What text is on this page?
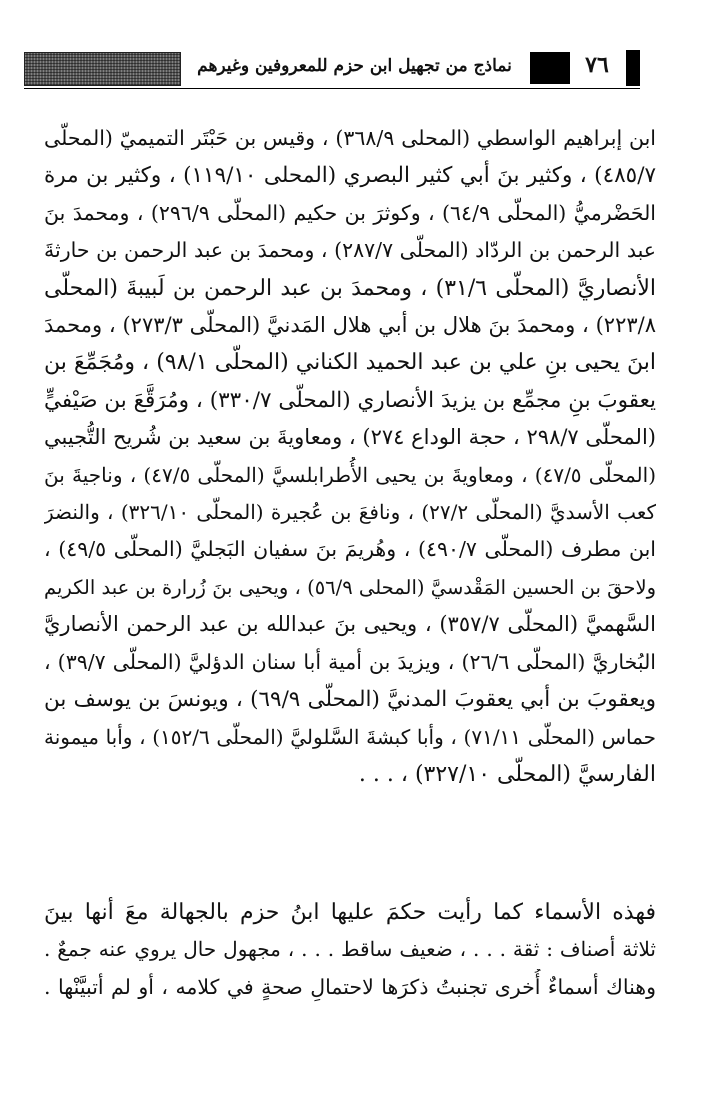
نماذج من تجهيل ابن حزم للمعروفين وغيرهم	٧٦
ابن إبراهيم الواسطي (المحلى ٣٦٨/٩) ، وقيس بن حَبْتَر التميميّ (المحلّى
٤٨٥/٧) ، وكثير بنَ أبي كثير البصري (المحلى ١١٩/١٠) ، وكثير بن مرة
الحَضْرميُّ (المحلّى ٦٤/٩) ، وكوثرَ بن حكيم (المحلّى ٢٩٦/٩) ، ومحمدَ بنَ
عبد الرحمن بن الردّاد (المحلّى ٢٨٧/٧) ، ومحمدَ بن عبد الرحمن بن حارثةَ
الأنصاريَّ (المحلّى ٣١/٦) ، ومحمدَ بن عبد الرحمن بن لَبيبةَ (المحلّى
٢٢٣/٨) ، ومحمدَ بنَ هلال بن أبي هلال المَدنيَّ (المحلّى ٢٧٣/٣) ، ومحمدَ
ابنَ يحيى بنِ علي بن عبد الحميد الكناني (المحلّى ٩٨/١) ، ومُجَمِّعَ بن
يعقوبَ بنِ مجمِّع بن يزيدَ الأنصاري (المحلّى ٣٣٠/٧) ، ومُرَقَّعَ بن صَيْفيٍّ
(المحلّى ٢٩٨/٧ ، حجة الوداع ٢٧٤) ، ومعاويةَ بن سعيد بن شُريح التُّجيبي
(المحلّى ٤٧/٥) ، ومعاويةَ بن يحيى الأُطرابلسيَّ (المحلّى ٤٧/٥) ، وناجيةَ بنَ
كعب الأسديَّ (المحلّى ٢٧/٢) ، ونافعَ بن عُجيرة (المحلّى ٣٢٦/١٠) ، والنضرَ
ابن مطرف (المحلّى ٤٩٠/٧) ، وهُريمَ بنَ سفيان البَجليَّ (المحلّى ٤٩/٥) ،
ولاحقَ بن الحسين المَقْدسيَّ (المحلى ٥٦/٩) ، ويحيى بنَ زُرارة بن عبد الكريم
السَّهميَّ (المحلّى ٣٥٧/٧) ، ويحيى بنَ عبدالله بن عبد الرحمن الأنصاريَّ
البُخاريَّ (المحلّى ٢٦/٦) ، ويزيدَ بن أمية أبا سنان الدؤليَّ (المحلّى ٣٩/٧) ،
ويعقوبَ بن أبي يعقوبَ المدنيَّ (المحلّى ٦٩/٩) ، ويونسَ بن يوسف بن
حماس (المحلّى ٧١/١١) ، وأبا كبشةَ السَّلوليَّ (المحلّى ١٥٢/٦) ، وأبا ميمونة
الفارسيَّ (المحلّى ٣٢٧/١٠) ، . . .
فهذه الأسماء كما رأيت حكمَ عليها ابنُ حزم بالجهالة معَ أنها بينَ
ثلاثة أصناف : ثقة . . . ، ضعيف ساقط . . . ، مجهول حال يروي عنه جمعٌ .
وهناك أسماءٌ أُخرى تجنبتُ ذكرَها لاحتمالِ صحةٍ في كلامه ، أو لم أتبيَّنْها .
